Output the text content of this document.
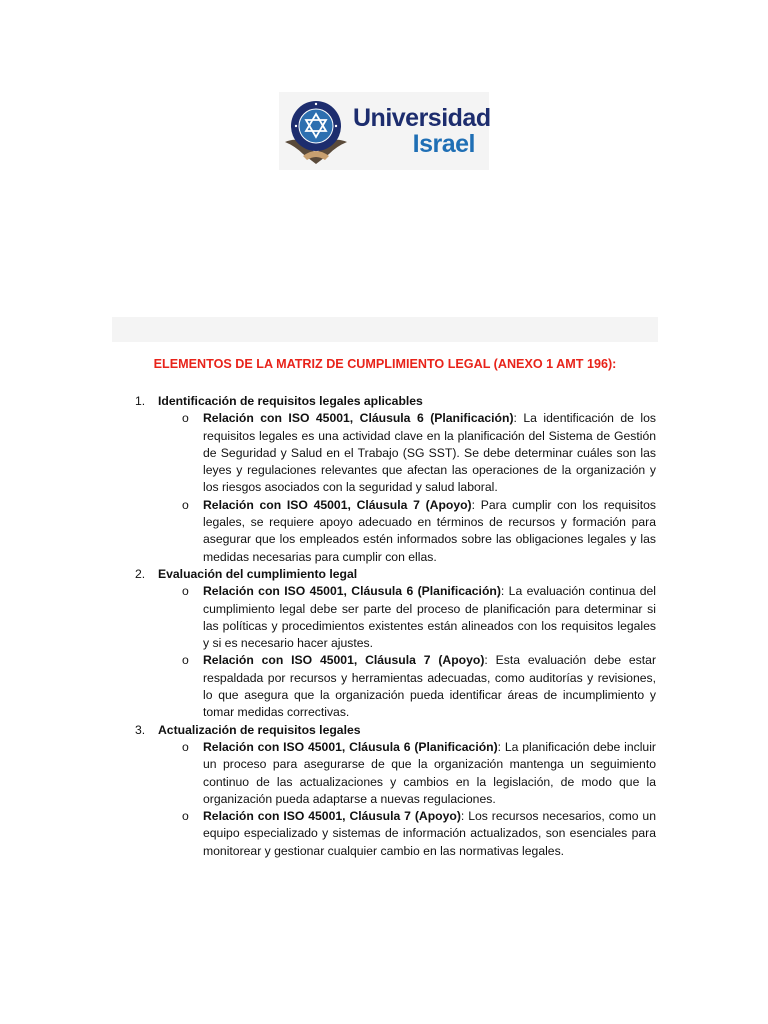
Universidad
Israel
ELEMENTOS DE LA MATRIZ DE CUMPLIMIENTO LEGAL (ANEXO 1 AMT 196):
1. Identificación de requisitos legales aplicables
o Relación con ISO 45001, Cláusula 6 (Planificación): La identificación de los requisitos legales es una actividad clave en la planificación del Sistema de Gestión de Seguridad y Salud en el Trabajo (SG SST). Se debe determinar cuáles son las leyes y regulaciones relevantes que afectan las operaciones de la organización y los riesgos asociados con la seguridad y salud laboral.
o Relación con ISO 45001, Cláusula 7 (Apoyo): Para cumplir con los requisitos legales, se requiere apoyo adecuado en términos de recursos y formación para asegurar que los empleados estén informados sobre las obligaciones legales y las medidas necesarias para cumplir con ellas.
2. Evaluación del cumplimiento legal
o Relación con ISO 45001, Cláusula 6 (Planificación): La evaluación continua del cumplimiento legal debe ser parte del proceso de planificación para determinar si las políticas y procedimientos existentes están alineados con los requisitos legales y si es necesario hacer ajustes.
o Relación con ISO 45001, Cláusula 7 (Apoyo): Esta evaluación debe estar respaldada por recursos y herramientas adecuadas, como auditorías y revisiones, lo que asegura que la organización pueda identificar áreas de incumplimiento y tomar medidas correctivas.
3. Actualización de requisitos legales
o Relación con ISO 45001, Cláusula 6 (Planificación): La planificación debe incluir un proceso para asegurarse de que la organización mantenga un seguimiento continuo de las actualizaciones y cambios en la legislación, de modo que la organización pueda adaptarse a nuevas regulaciones.
o Relación con ISO 45001, Cláusula 7 (Apoyo): Los recursos necesarios, como un equipo especializado y sistemas de información actualizados, son esenciales para monitorear y gestionar cualquier cambio en las normativas legales.
